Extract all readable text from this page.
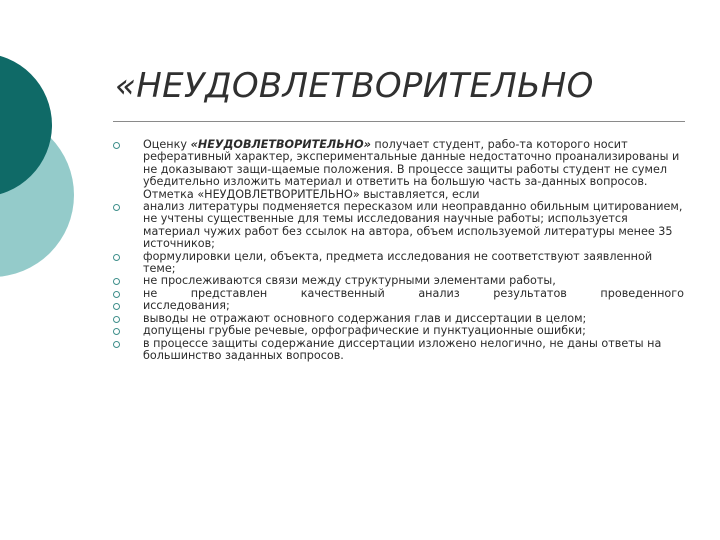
«НЕУДОВЛЕТВОРИТЕЛЬНО
Оценку «НЕУДОВЛЕТВОРИТЕЛЬНО» получает студент, рабо-та которого носит реферативный характер, экспериментальные данные недостаточно проанализированы и не доказывают защи-щаемые положения. В процессе защиты работы студент не сумел убедительно изложить материал и ответить на большую часть за-данных вопросов. Отметка «НЕУДОВЛЕТВОРИТЕЛЬНО» выставляется, если
анализ литературы подменяется пересказом или неоправданно обильным цитированием, не учтены существенные для темы исследования научные работы; используется материал чужих работ без ссылок на автора, объем используемой литературы менее 35 источников;
формулировки цели, объекта, предмета исследования не соответствуют заявленной теме;
не прослеживаются связи между структурными элементами работы,
не представлен качественный анализ результатов проведенного
исследования;
выводы не отражают основного содержания глав и диссертации в целом;
допущены грубые речевые, орфографические и пунктуационные ошибки;
в процессе защиты содержание диссертации изложено нелогично, не даны ответы на большинство заданных вопросов.
